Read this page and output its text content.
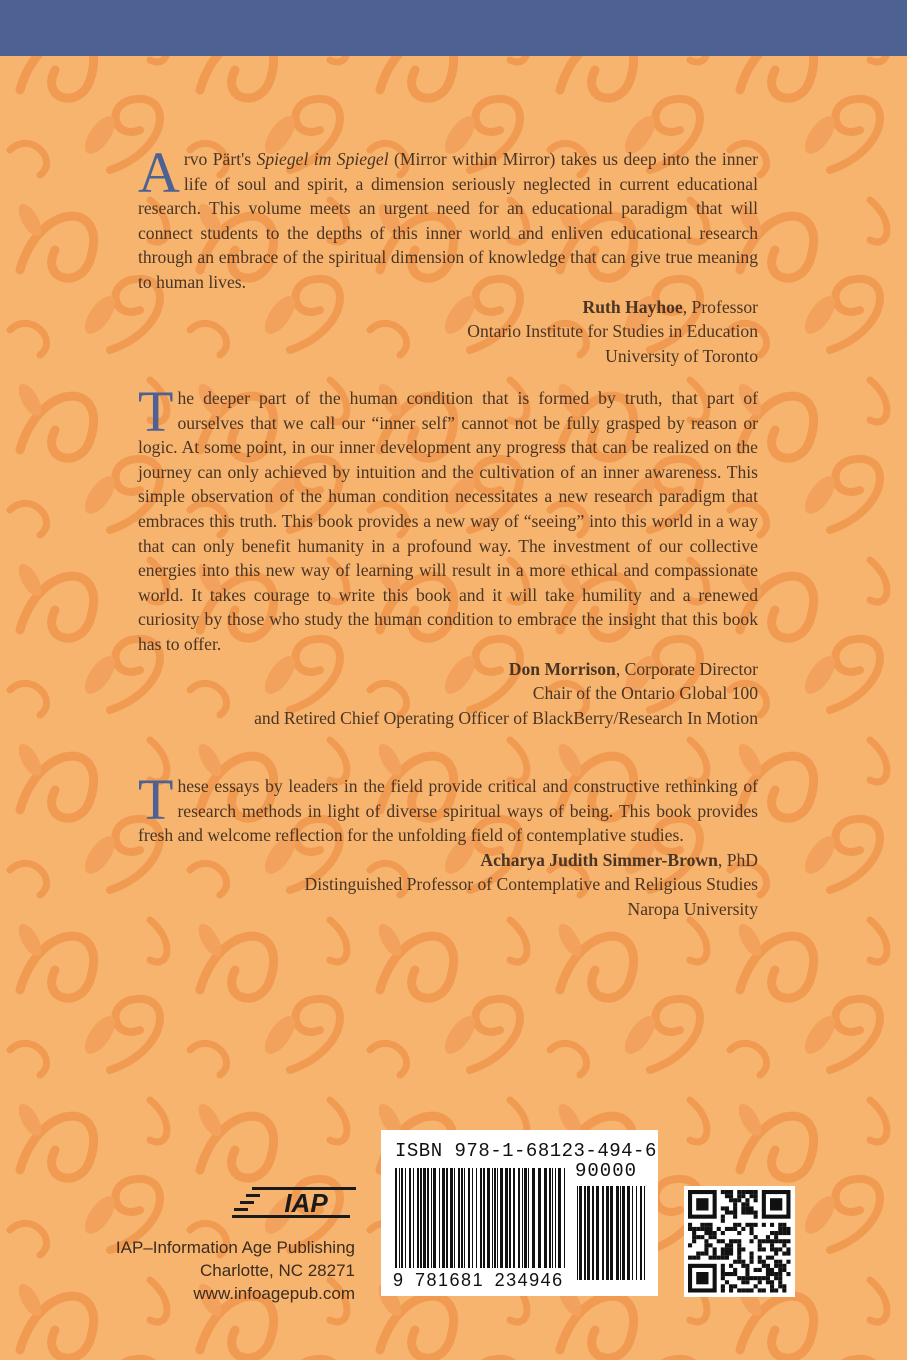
Arvo Pärt's Spiegel im Spiegel (Mirror within Mirror) takes us deep into the inner life of soul and spirit, a dimension seriously neglected in current educational research. This volume meets an urgent need for an educational paradigm that will connect students to the depths of this inner world and enliven educational research through an embrace of the spiritual dimension of knowledge that can give true meaning to human lives.

Ruth Hayhoe, Professor
Ontario Institute for Studies in Education
University of Toronto

The deeper part of the human condition that is formed by truth, that part of ourselves that we call our “inner self” cannot not be fully grasped by reason or logic. At some point, in our inner development any progress that can be realized on the journey can only achieved by intuition and the cultivation of an inner awareness. This simple observation of the human condition necessitates a new research paradigm that embraces this truth. This book provides a new way of “seeing” into this world in a way that can only benefit humanity in a profound way. The investment of our collective energies into this new way of learning will result in a more ethical and compassionate world. It takes courage to write this book and it will take humility and a renewed curiosity by those who study the human condition to embrace the insight that this book has to offer.

Don Morrison, Corporate Director
Chair of the Ontario Global 100
and Retired Chief Operating Officer of BlackBerry/Research In Motion

These essays by leaders in the field provide critical and constructive rethinking of research methods in light of diverse spiritual ways of being. This book provides fresh and welcome reflection for the unfolding field of contemplative studies.

Acharya Judith Simmer-Brown, PhD
Distinguished Professor of Contemplative and Religious Studies
Naropa University
IAP
IAP–Information Age Publishing
Charlotte, NC 28271
www.infoagepub.com
ISBN 978-1-68123-494-6
90000
9 781681 234946
